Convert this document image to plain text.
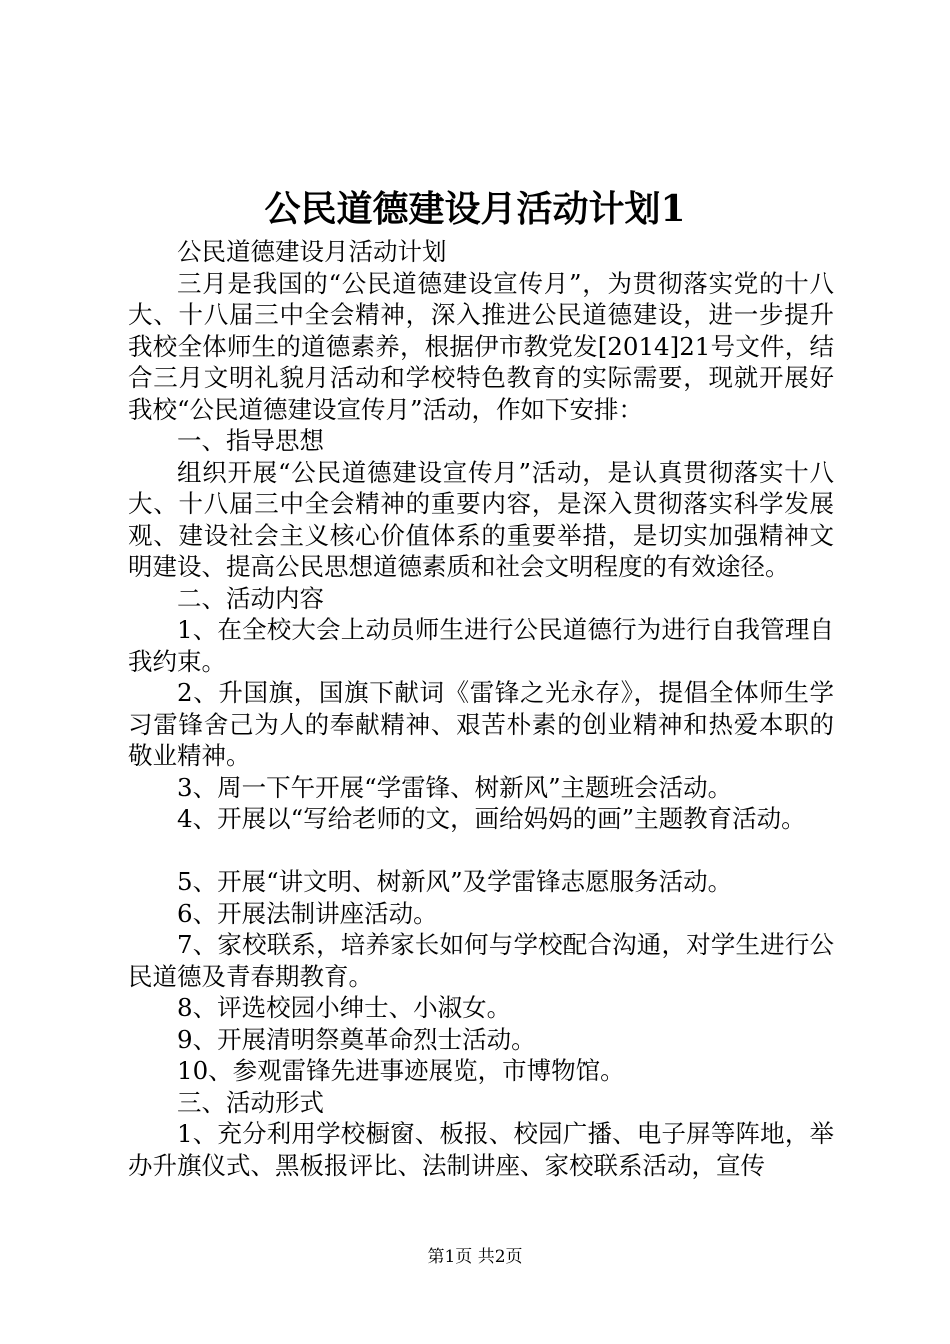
公民道德建设月活动计划1

公民道德建设月活动计划

三月是我国的“公民道德建设宣传月”，为贯彻落实党的十八大、十八届三中全会精神，深入推进公民道德建设，进一步提升我校全体师生的道德素养，根据伊市教党发[2014]21号文件，结合三月文明礼貌月活动和学校特色教育的实际需要，现就开展好我校“公民道德建设宣传月”活动，作如下安排：

一、指导思想

组织开展“公民道德建设宣传月”活动，是认真贯彻落实十八大、十八届三中全会精神的重要内容，是深入贯彻落实科学发展观、建设社会主义核心价值体系的重要举措，是切实加强精神文明建设、提高公民思想道德素质和社会文明程度的有效途径。

二、活动内容

1、在全校大会上动员师生进行公民道德行为进行自我管理自我约束。

2、升国旗，国旗下献词《雷锋之光永存》，提倡全体师生学习雷锋舍己为人的奉献精神、艰苦朴素的创业精神和热爱本职的敬业精神。

3、周一下午开展“学雷锋、树新风”主题班会活动。

4、开展以“写给老师的文，画给妈妈的画”主题教育活动。

5、开展“讲文明、树新风”及学雷锋志愿服务活动。

6、开展法制讲座活动。

7、家校联系，培养家长如何与学校配合沟通，对学生进行公民道德及青春期教育。

8、评选校园小绅士、小淑女。

9、开展清明祭奠革命烈士活动。

10、参观雷锋先进事迹展览，市博物馆。

三、活动形式

1、充分利用学校橱窗、板报、校园广播、电子屏等阵地，举办升旗仪式、黑板报评比、法制讲座、家校联系活动，宣传

第1页 共2页
